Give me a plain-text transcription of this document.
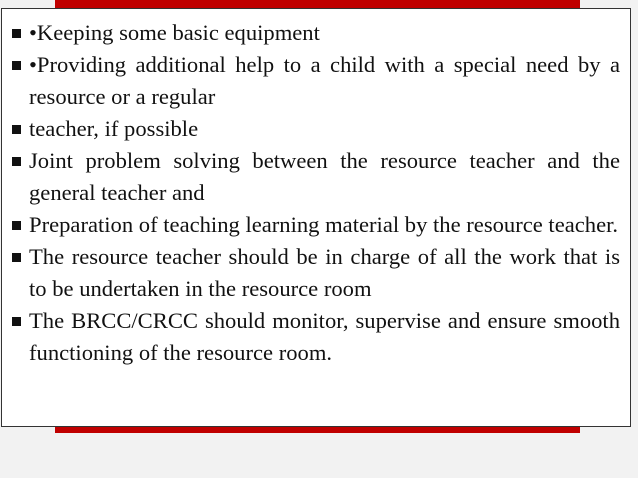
•Keeping some basic equipment
•Providing additional help to a child with a special need by a resource or a regular
teacher, if possible
Joint problem solving between the resource teacher and the general teacher and
Preparation of teaching learning material by the resource teacher.
The resource teacher should be in charge of all the work that is to be undertaken in the resource room
The BRCC/CRCC should monitor, supervise and ensure smooth functioning of the resource room.
